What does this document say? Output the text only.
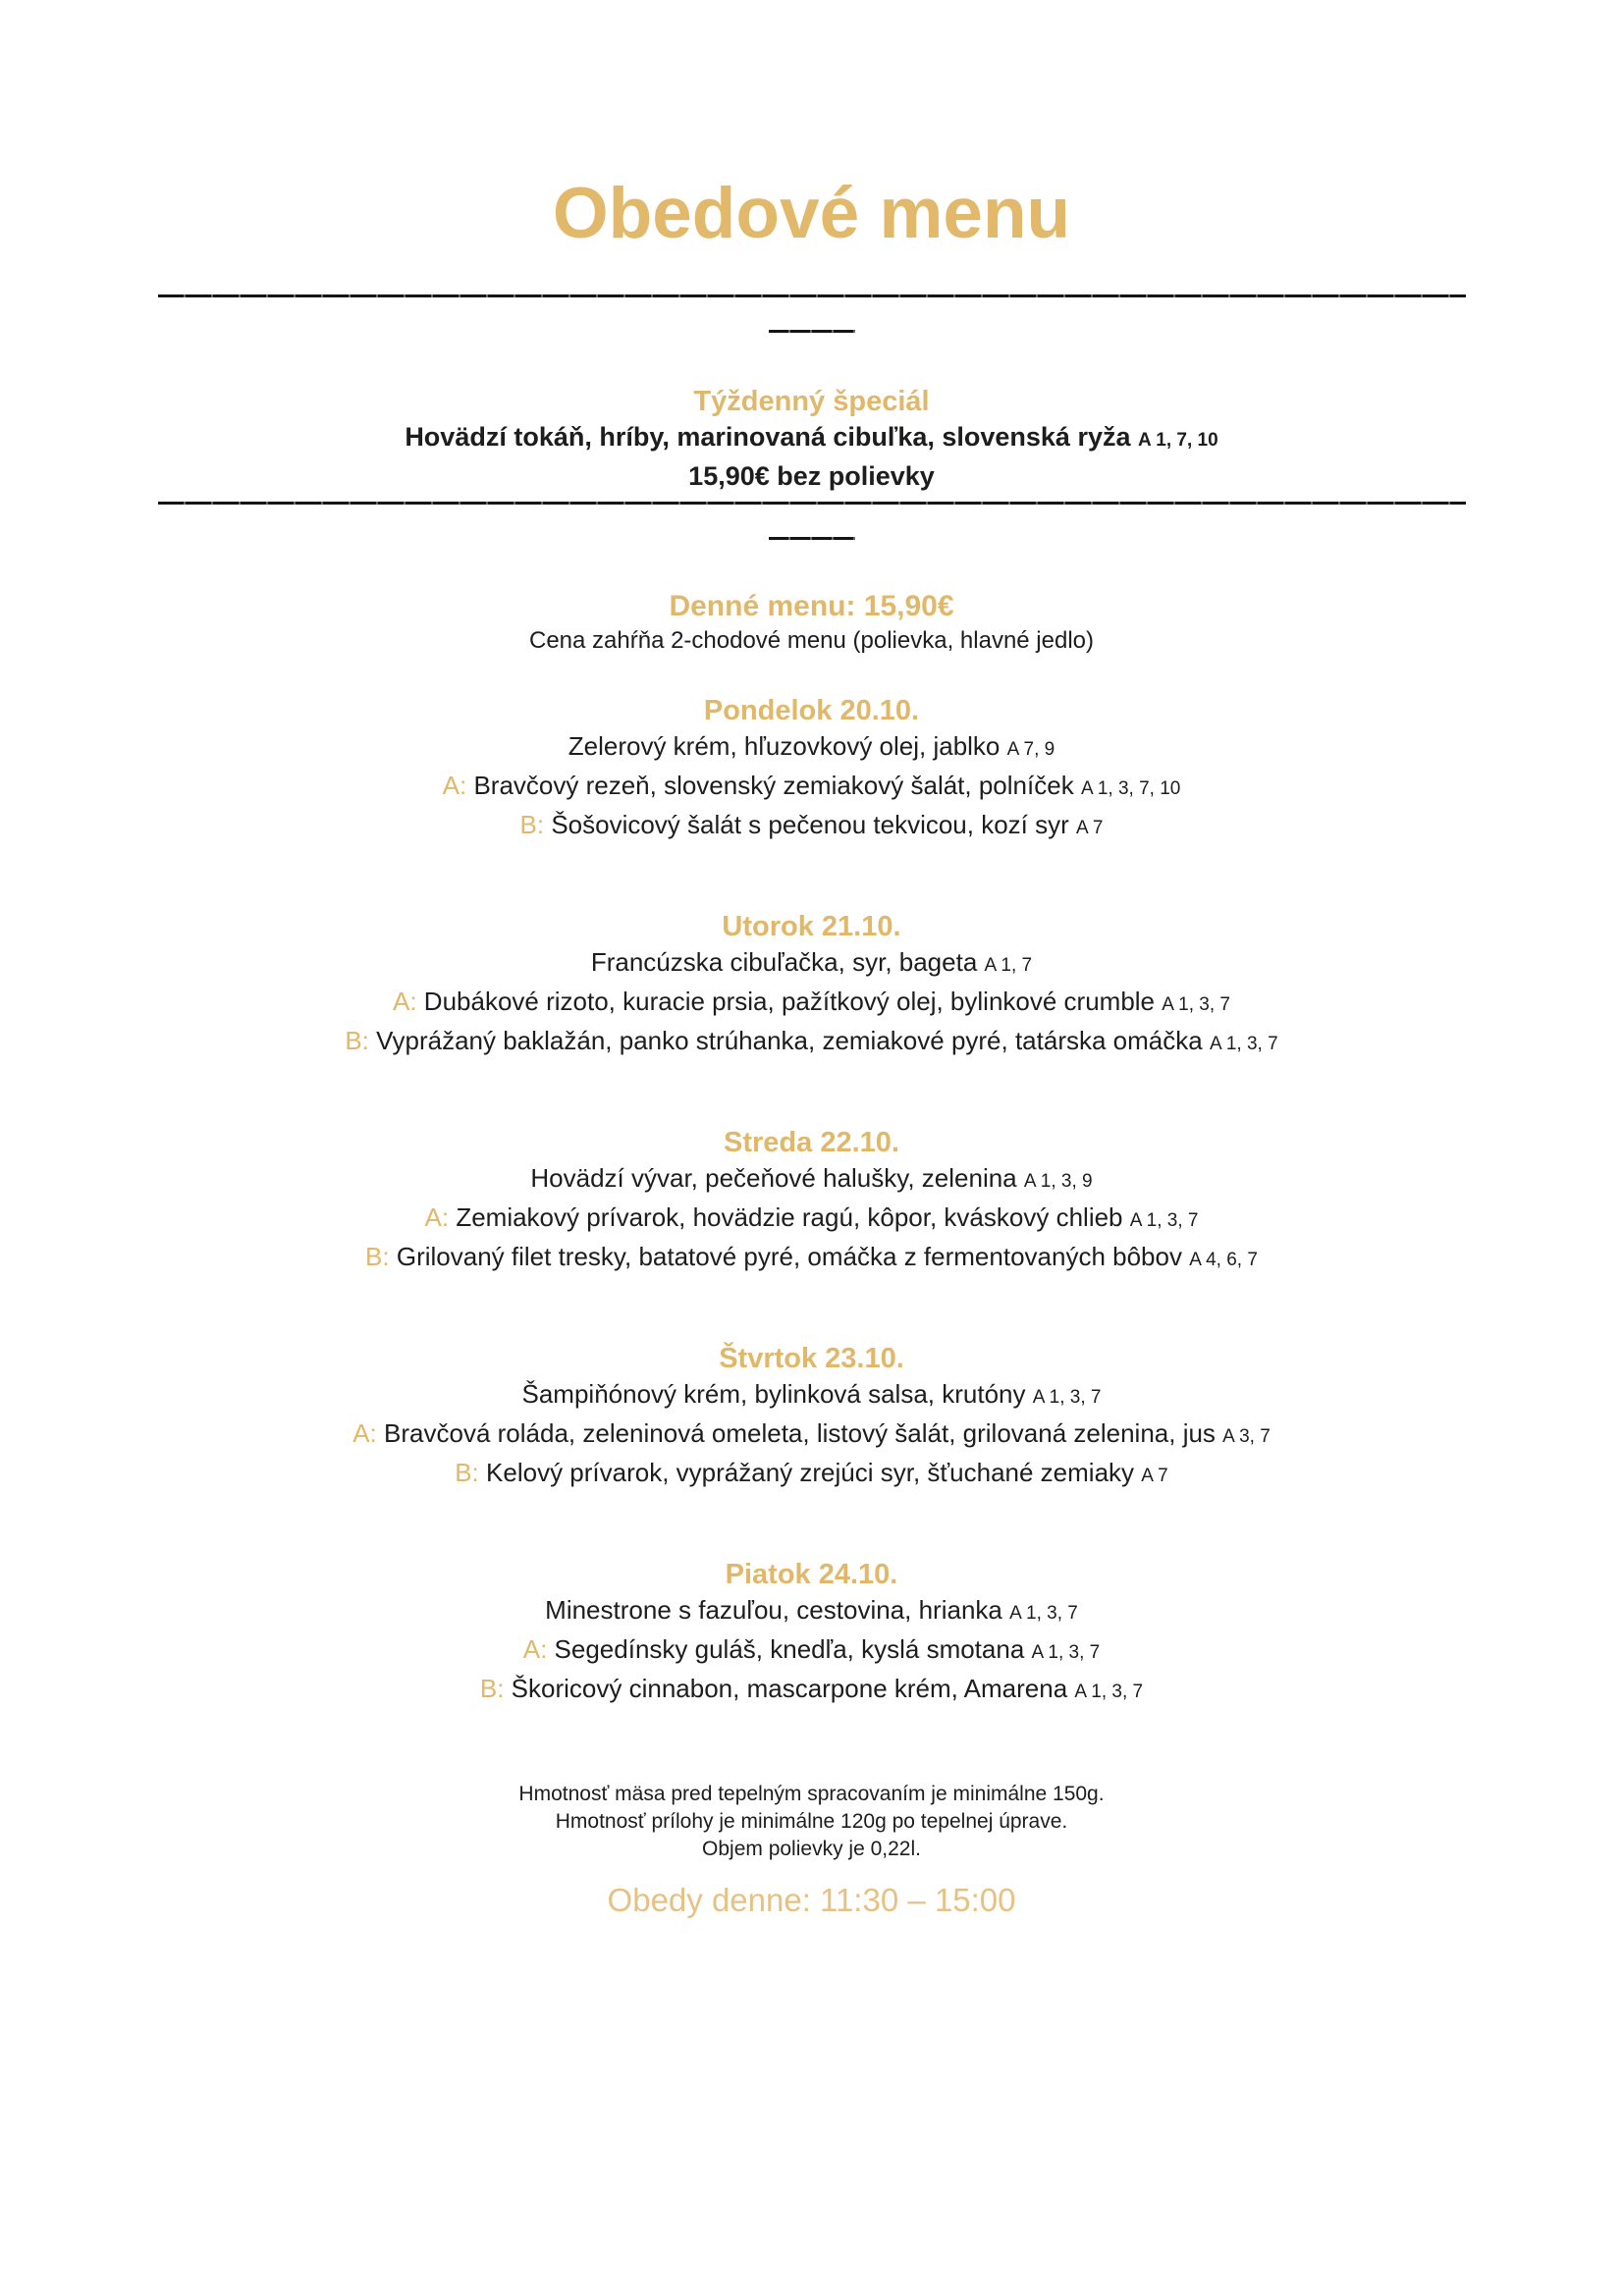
Obedové menu
Týždenný špeciál

Hovädzí tokáň, hríby, marinovaná cibuľka, slovenská ryža A 1, 7, 10

15,90€ bez polievky

Denné menu: 15,90€

Cena zahŕňa 2-chodové menu (polievka, hlavné jedlo)

Pondelok 20.10.

Zelerový krém, hľuzovkový olej, jablko A 7, 9

A: Bravčový rezeň, slovenský zemiakový šalát, polníček A 1, 3, 7, 10

B: Šošovicový šalát s pečenou tekvicou, kozí syr A 7

Utorok 21.10.

Francúzska cibuľačka, syr, bageta A 1, 7

A: Dubákové rizoto, kuracie prsia, pažítkový olej, bylinkové crumble A 1, 3, 7

B: Vyprážaný baklažán, panko strúhanka, zemiakové pyré, tatárska omáčka A 1, 3, 7

Streda 22.10.

Hovädzí vývar, pečeňové halušky, zelenina A 1, 3, 9

A: Zemiakový prívarok, hovädzie ragú, kôpor, kváskový chlieb A 1, 3, 7

B: Grilovaný filet tresky, batatové pyré, omáčka z fermentovaných bôbov A 4, 6, 7

Štvrtok 23.10.

Šampiňónový krém, bylinková salsa, krutóny A 1, 3, 7

A: Bravčová roláda, zeleninová omeleta, listový šalát, grilovaná zelenina, jus A 3, 7

B: Kelový prívarok, vyprážaný zrejúci syr, šťuchané zemiaky A 7

Piatok 24.10.

Minestrone s fazuľou, cestovina, hrianka A 1, 3, 7

A: Segedínsky guláš, knedľa, kyslá smotana A 1, 3, 7

B: Škoricový cinnabon, mascarpone krém, Amarena A 1, 3, 7

Hmotnosť mäsa pred tepelným spracovaním je minimálne 150g.

Hmotnosť prílohy je minimálne 120g po tepelnej úprave.

Objem polievky je 0,22l.

Obedy denne: 11:30 – 15:00
